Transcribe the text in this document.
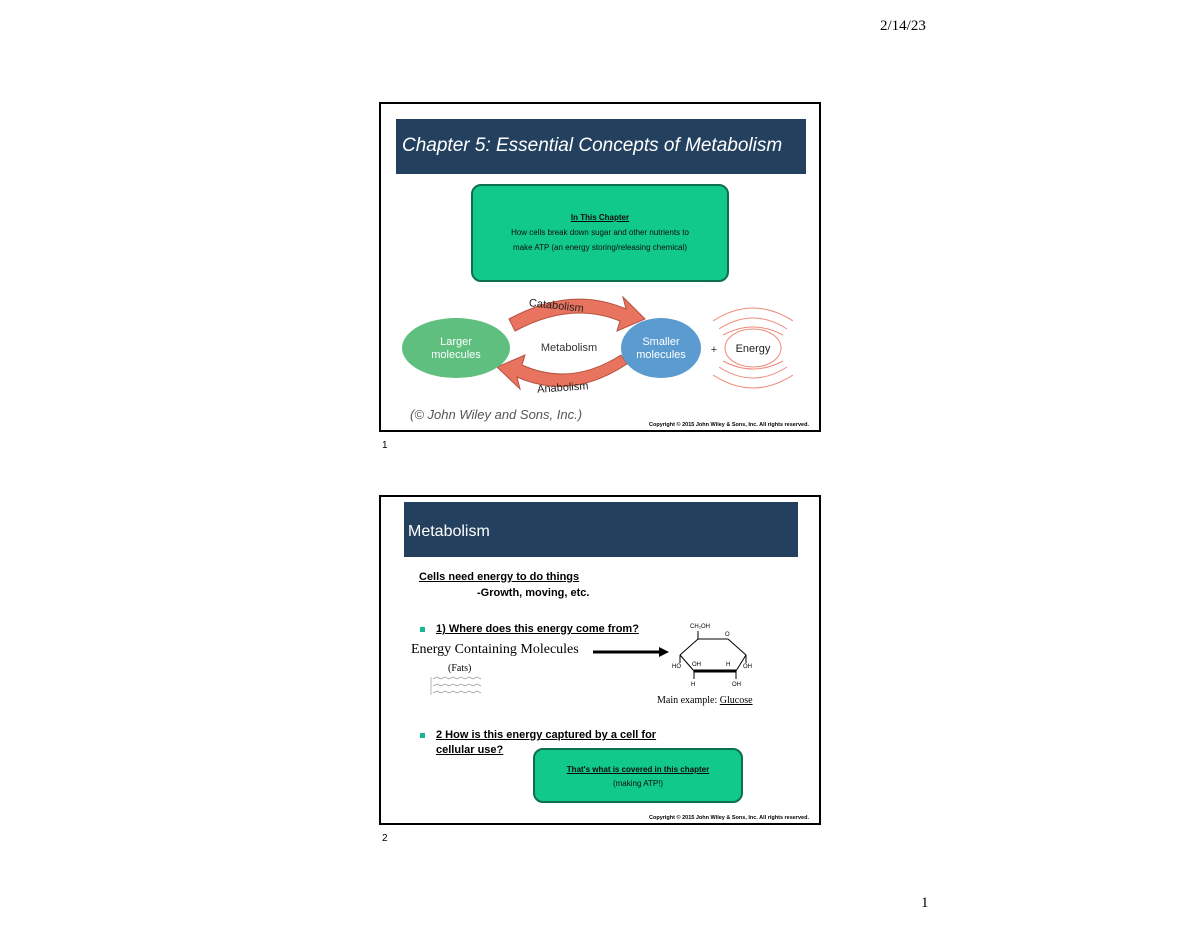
2/14/23
Chapter 5: Essential Concepts of Metabolism
In This Chapter
How cells break down sugar and other nutrients to
make ATP (an energy storing/releasing chemical)
Catabolism
Anabolism
Larger
molecules
Metabolism	Smaller
molecules + Energy
(© John Wiley and Sons, Inc.)
Copyright © 2015 John Wiley & Sons, Inc. All rights reserved.
1
Metabolism
Cells need energy to do things
-Growth, moving, etc.
1) Where does this energy come from?
Energy Containing Molecules
(Fats)
CH₂OH
O
HO	OH
OH	H
H	OH
Main example: Glucose
2 How is this energy captured by a cell for
cellular use?
That's what is covered in this chapter
(making ATP!)
Copyright © 2015 John Wiley & Sons, Inc. All rights reserved.
2
1
